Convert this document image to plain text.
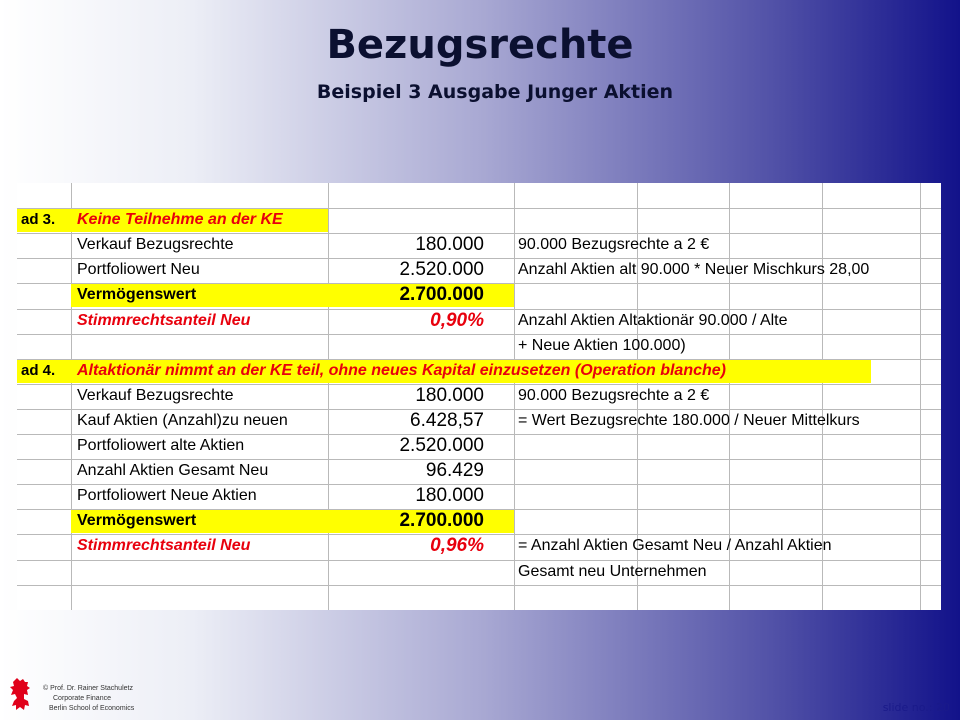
Bezugsrechte
Beispiel 3 Ausgabe Junger Aktien
ad 3.	Keine Teilnehme an der KE
Verkauf Bezugsrechte	180.000 90.000 Bezugsrechte a 2 €
Portfoliowert Neu	2.520.000 Anzahl Aktien alt 90.000 * Neuer Mischkurs 28,00
Vermögenswert	2.700.000
Stimmrechtsanteil Neu	0,90% Anzahl Aktien Altaktionär 90.000 / Alte
+ Neue Aktien 100.000)
ad 4.	Altaktionär nimmt an der KE teil, ohne neues Kapital einzusetzen (Operation blanche)
Verkauf Bezugsrechte	180.000 90.000 Bezugsrechte a 2 €
Kauf Aktien (Anzahl)zu neuen	6.428,57 = Wert Bezugsrechte 180.000 / Neuer Mittelkurs
Portfoliowert alte Aktien	2.520.000
Anzahl Aktien Gesamt Neu	96.429
Portfoliowert Neue Aktien	180.000
Vermögenswert	2.700.000
Stimmrechtsanteil Neu	0,96% = Anzahl Aktien Gesamt Neu / Anzahl Aktien
Gesamt neu Unternehmen
© Prof. Dr. Rainer Stachuletz
Corporate Finance
Berlin School of Economics	slide no.: 20
